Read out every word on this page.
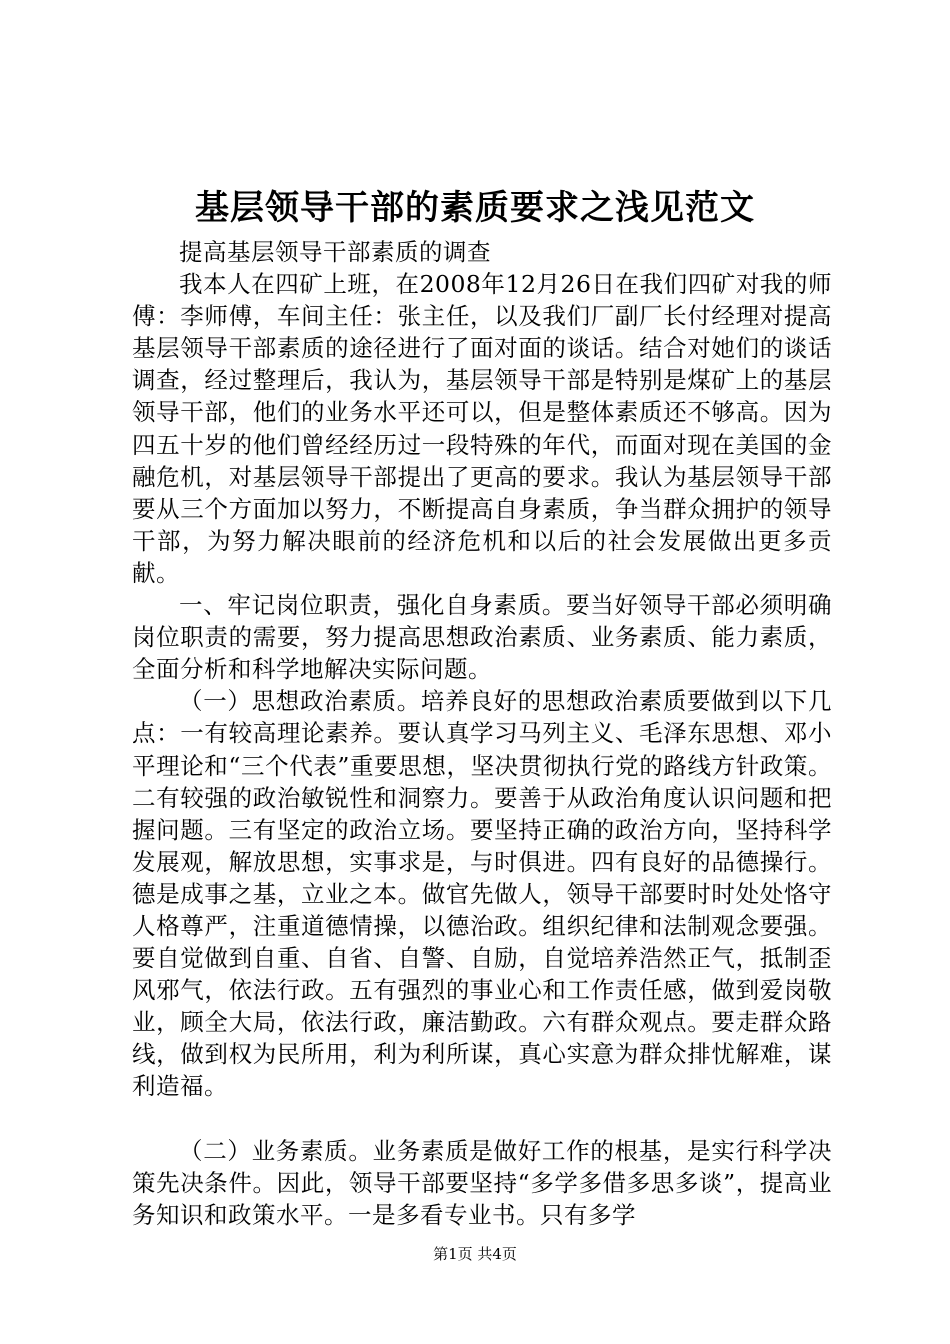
基层领导干部的素质要求之浅见范文

提高基层领导干部素质的调查

我本人在四矿上班，在2008年12月26日在我们四矿对我的师傅：李师傅，车间主任：张主任，以及我们厂副厂长付经理对提高基层领导干部素质的途径进行了面对面的谈话。结合对她们的谈话调查，经过整理后，我认为，基层领导干部是特别是煤矿上的基层领导干部，他们的业务水平还可以，但是整体素质还不够高。因为四五十岁的他们曾经经历过一段特殊的年代，而面对现在美国的金融危机，对基层领导干部提出了更高的要求。我认为基层领导干部要从三个方面加以努力，不断提高自身素质，争当群众拥护的领导干部，为努力解决眼前的经济危机和以后的社会发展做出更多贡献。

一、牢记岗位职责，强化自身素质。要当好领导干部必须明确岗位职责的需要，努力提高思想政治素质、业务素质、能力素质，全面分析和科学地解决实际问题。

（一）思想政治素质。培养良好的思想政治素质要做到以下几点：一有较高理论素养。要认真学习马列主义、毛泽东思想、邓小平理论和“三个代表”重要思想，坚决贯彻执行党的路线方针政策。二有较强的政治敏锐性和洞察力。要善于从政治角度认识问题和把握问题。三有坚定的政治立场。要坚持正确的政治方向，坚持科学发展观，解放思想，实事求是，与时俱进。四有良好的品德操行。德是成事之基，立业之本。做官先做人，领导干部要时时处处恪守人格尊严，注重道德情操，以德治政。组织纪律和法制观念要强。要自觉做到自重、自省、自警、自励，自觉培养浩然正气，抵制歪风邪气，依法行政。五有强烈的事业心和工作责任感，做到爱岗敬业，顾全大局，依法行政，廉洁勤政。六有群众观点。要走群众路线，做到权为民所用，利为利所谋，真心实意为群众排忧解难，谋利造福。

（二）业务素质。业务素质是做好工作的根基，是实行科学决策先决条件。因此，领导干部要坚持“多学多借多思多谈”，提高业务知识和政策水平。一是多看专业书。只有多学

第1页 共4页
